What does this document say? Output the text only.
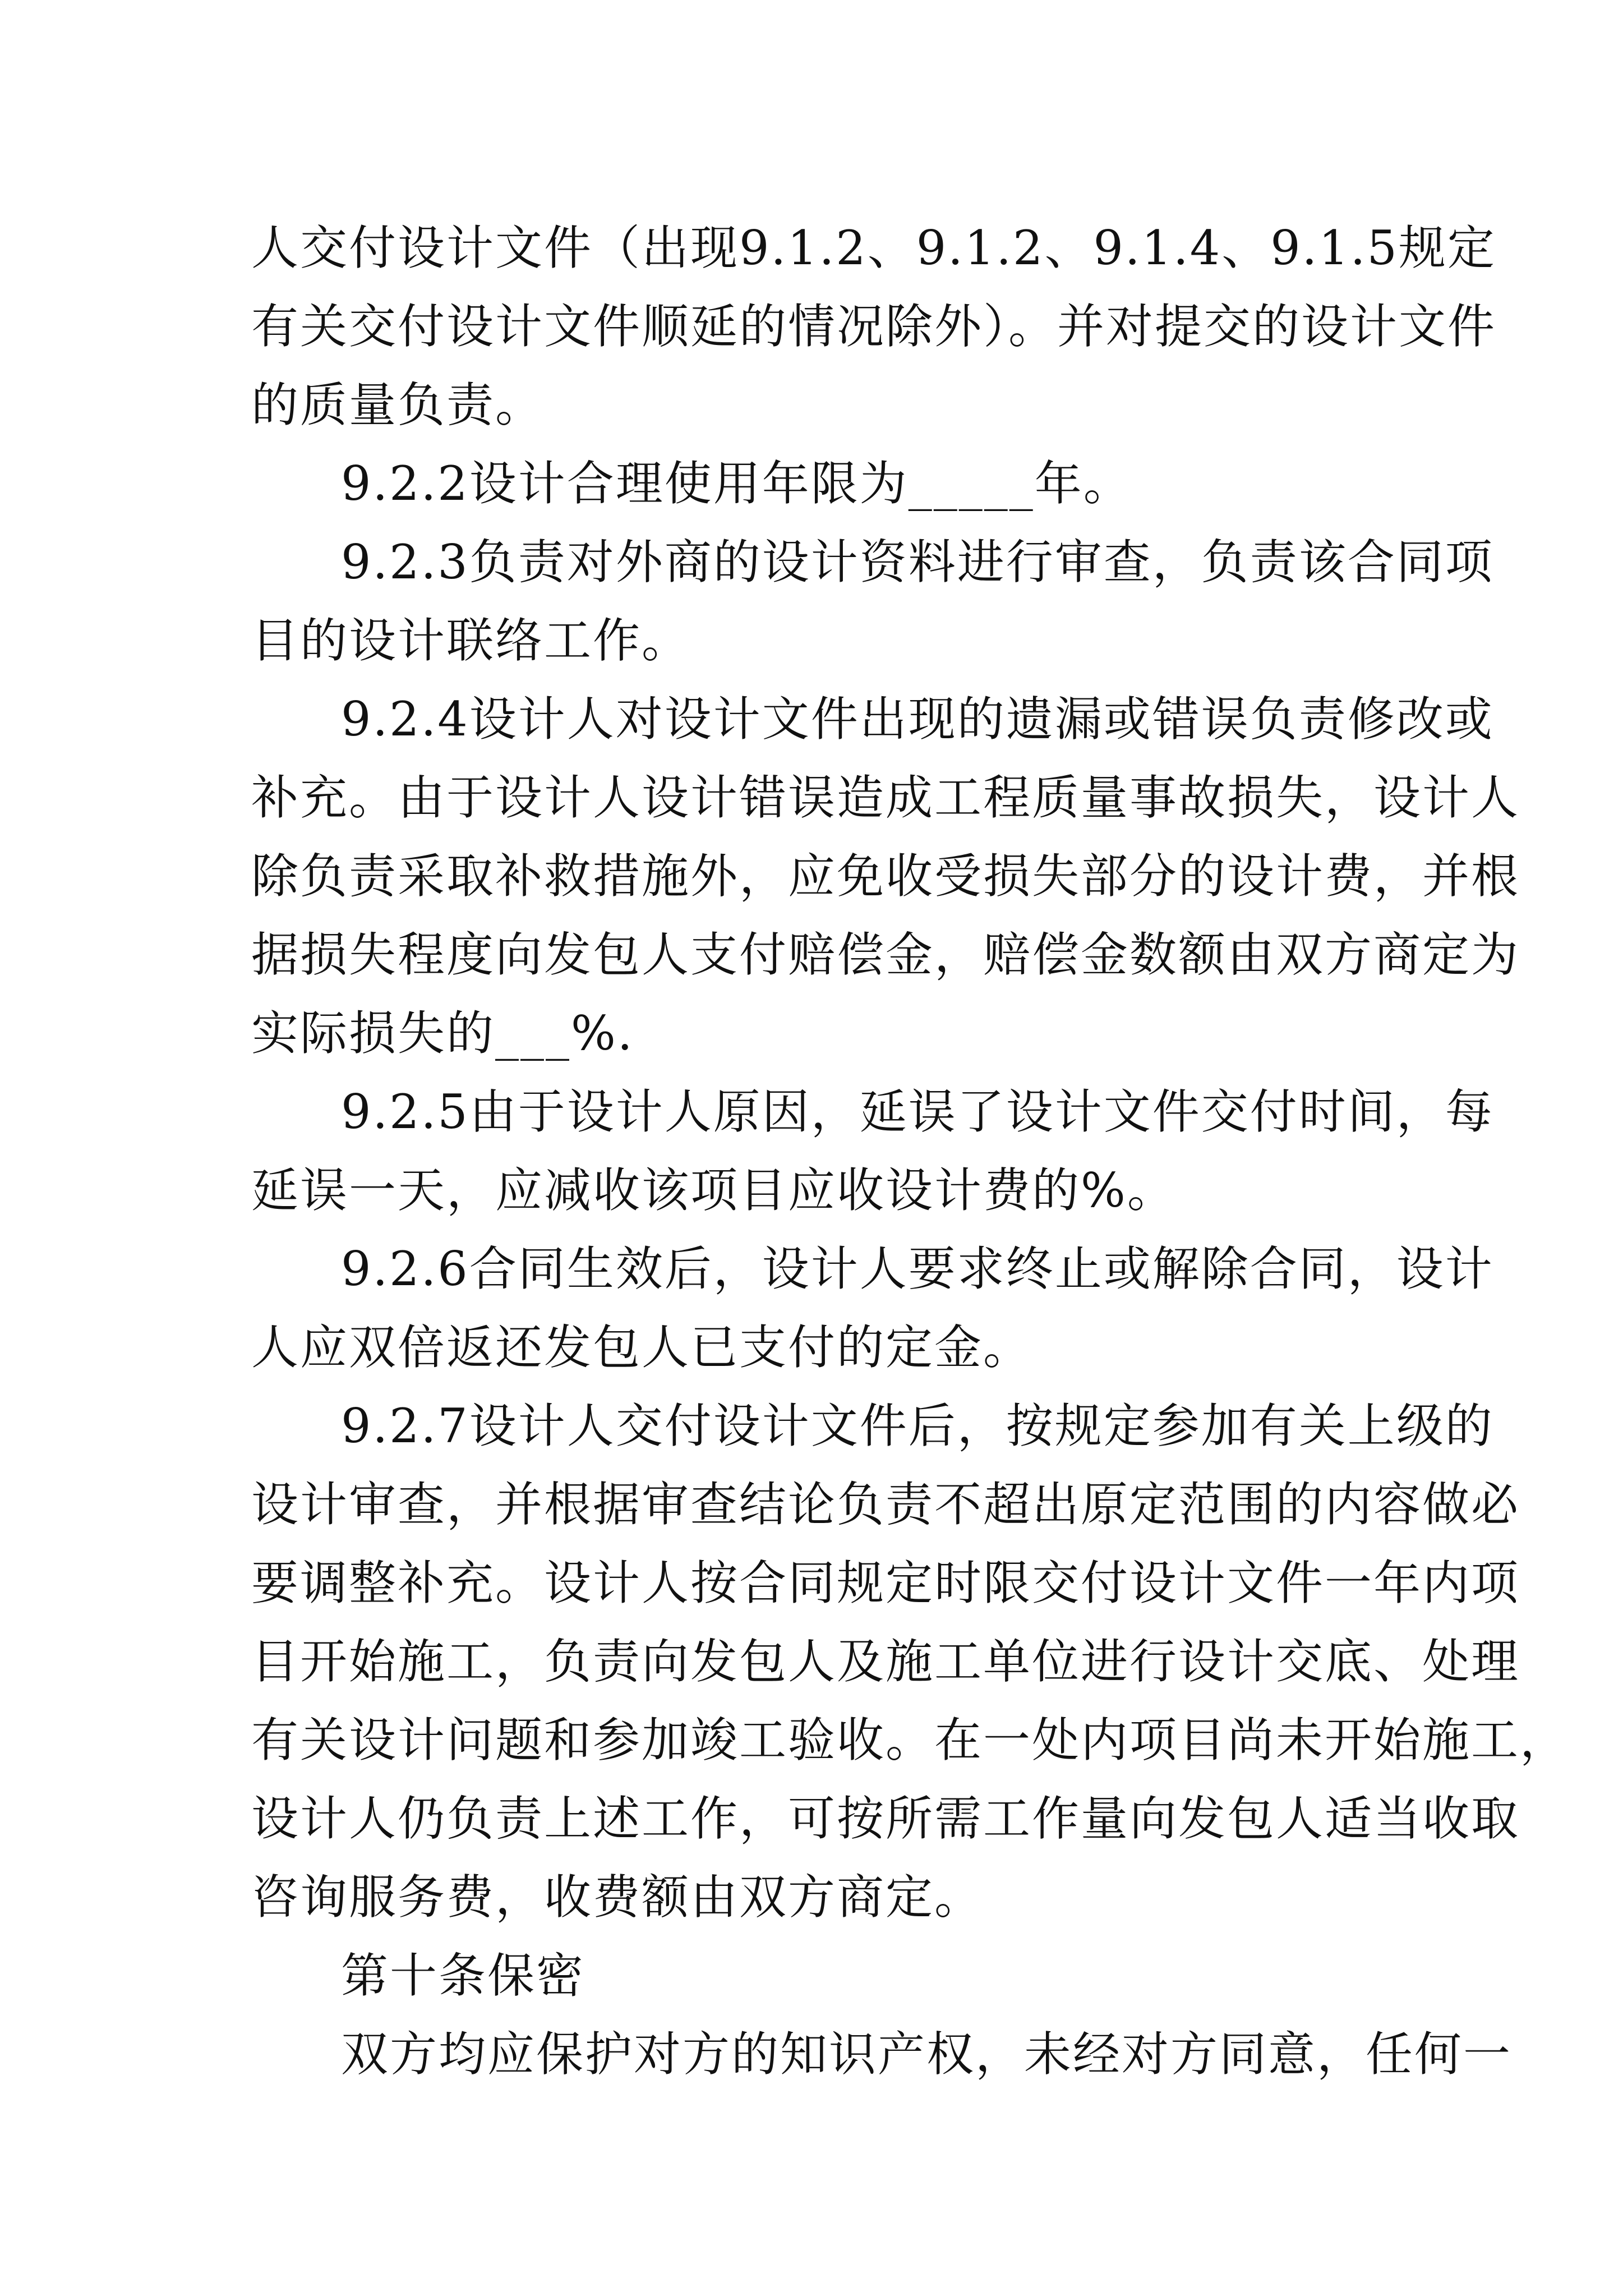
人交付设计文件（出现9.1.2、9.1.2、9.1.4、9.1.5规定
有关交付设计文件顺延的情况除外）。并对提交的设计文件
的质量负责。
9.2.2设计合理使用年限为_____年。
9.2.3负责对外商的设计资料进行审查，负责该合同项
目的设计联络工作。
9.2.4设计人对设计文件出现的遗漏或错误负责修改或
补充。由于设计人设计错误造成工程质量事故损失，设计人
除负责采取补救措施外，应免收受损失部分的设计费，并根
据损失程度向发包人支付赔偿金，赔偿金数额由双方商定为
实际损失的___%.
9.2.5由于设计人原因，延误了设计文件交付时间，每
延误一天，应减收该项目应收设计费的%。
9.2.6合同生效后，设计人要求终止或解除合同，设计
人应双倍返还发包人已支付的定金。
9.2.7设计人交付设计文件后，按规定参加有关上级的
设计审查，并根据审查结论负责不超出原定范围的内容做必
要调整补充。设计人按合同规定时限交付设计文件一年内项
目开始施工，负责向发包人及施工单位进行设计交底、处理
有关设计问题和参加竣工验收。在一处内项目尚未开始施工，
设计人仍负责上述工作，可按所需工作量向发包人适当收取
咨询服务费，收费额由双方商定。
第十条保密
双方均应保护对方的知识产权，未经对方同意，任何一
